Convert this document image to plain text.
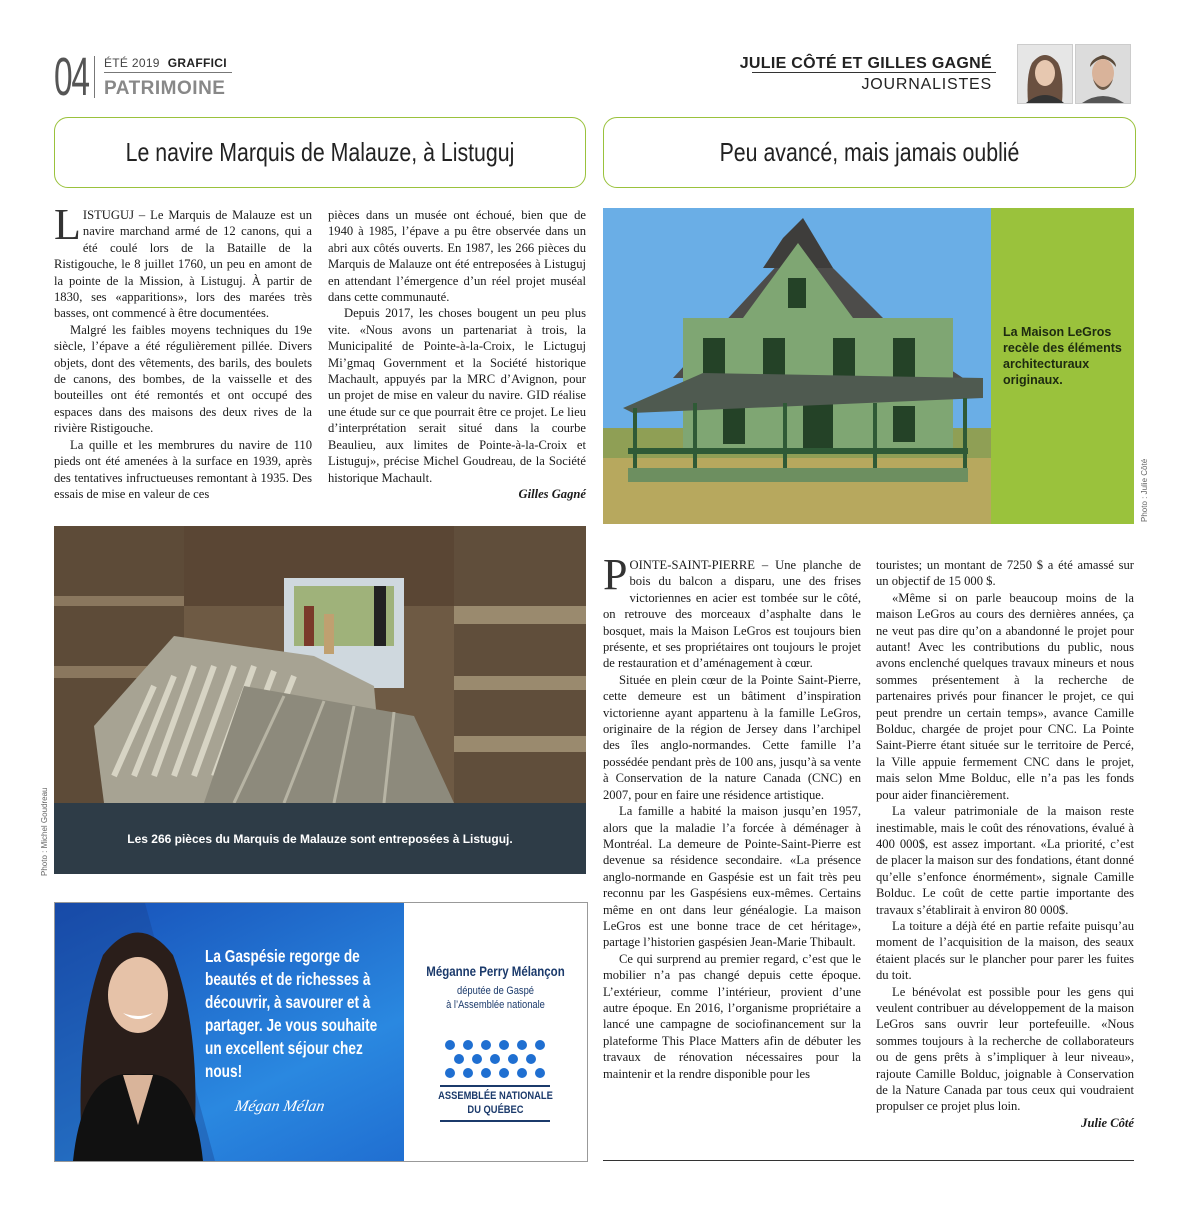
04 ÉTÉ 2019 GRAFFICI
PATRIMOINE
JULIE CÔTÉ ET GILLES GAGNÉ
JOURNALISTES
Le navire Marquis de Malauze, à Listuguj	Peu avancé, mais jamais oublié

LISTUGUJ – Le Marquis de Malauze est un navire marchand armé de 12 canons, qui a été coulé lors de la Bataille de la Ristigouche, le 8 juillet 1760, un peu en amont de la pointe de la Mission, à Listuguj. À partir de 1830, ses «apparitions», lors des marées très basses, ont commencé à être documentées.

Malgré les faibles moyens techniques du 19e siècle, l’épave a été régulièrement pillée. Divers objets, dont des vêtements, des barils, des boulets de canons, des bombes, de la vaisselle et des bouteilles ont été remontés et ont occupé des espaces dans des maisons des deux rives de la rivière Ristigouche.

La quille et les membrures du navire de 110 pieds ont été amenées à la surface en 1939, après des tentatives infructueuses remontant à 1935. Des essais de mise en valeur de ces

pièces dans un musée ont échoué, bien que de 1940 à 1985, l’épave a pu être observée dans un abri aux côtés ouverts. En 1987, les 266 pièces du Marquis de Malauze ont été entreposées à Listuguj en attendant l’émergence d’un réel projet muséal dans cette communauté.

Depuis 2017, les choses bougent un peu plus vite. «Nous avons un partenariat à trois, la Municipalité de Pointe-à-la-Croix, le Lictuguj Mi’gmaq Government et la Société historique Machault, appuyés par la MRC d’Avignon, pour un projet de mise en valeur du navire. GID réalise une étude sur ce que pourrait être ce projet. Le lieu d’interprétation serait situé dans la courbe Beaulieu, aux limites de Pointe-à-la-Croix et Listuguj», précise Michel Goudreau, de la Société historique Machault.

Gilles Gagné

Les 266 pièces du Marquis de Malauze sont entreposées à Listuguj.
Photo : Michel Goudreau
La Maison LeGros recèle des éléments architecturaux originaux.
Photo : Julie Côté

POINTE-SAINT-PIERRE – Une planche de bois du balcon a disparu, une des frises victoriennes en acier est tombée sur le côté, on retrouve des morceaux d’asphalte dans le bosquet, mais la Maison LeGros est toujours bien présente, et ses propriétaires ont toujours le projet de restauration et d’aménagement à cœur.

Située en plein cœur de la Pointe Saint-Pierre, cette demeure est un bâtiment d’inspiration victorienne ayant appartenu à la famille LeGros, originaire de la région de Jersey dans l’archipel des îles anglo-normandes. Cette famille l’a possédée pendant près de 100 ans, jusqu’à sa vente à Conservation de la nature Canada (CNC) en 2007, pour en faire une résidence artistique.

La famille a habité la maison jusqu’en 1957, alors que la maladie l’a forcée à déménager à Montréal. La demeure de Pointe-Saint-Pierre est devenue sa résidence secondaire. «La présence anglo-normande en Gaspésie est un fait très peu reconnu par les Gaspésiens eux-mêmes. Certains même en ont dans leur généalogie. La maison LeGros est une bonne trace de cet héritage», partage l’historien gaspésien Jean-Marie Thibault.

Ce qui surprend au premier regard, c’est que le mobilier n’a pas changé depuis cette époque. L’extérieur, comme l’intérieur, provient d’une autre époque. En 2016, l’organisme propriétaire a lancé une campagne de sociofinancement sur la plateforme This Place Matters afin de débuter les travaux de rénovation nécessaires pour la maintenir et la rendre disponible pour les

touristes; un montant de 7250 $ a été amassé sur un objectif de 15 000 $.

«Même si on parle beaucoup moins de la maison LeGros au cours des dernières années, ça ne veut pas dire qu’on a abandonné le projet pour autant! Avec les contributions du public, nous avons enclenché quelques travaux mineurs et nous sommes présentement à la recherche de partenaires privés pour financer le projet, ce qui peut prendre un certain temps», avance Camille Bolduc, chargée de projet pour CNC. La Pointe Saint-Pierre étant située sur le territoire de Percé, la Ville appuie fermement CNC dans le projet, mais selon Mme Bolduc, elle n’a pas les fonds pour aider financièrement.

La valeur patrimoniale de la maison reste inestimable, mais le coût des rénovations, évalué à 400 000$, est assez important. «La priorité, c’est de placer la maison sur des fondations, étant donné qu’elle s’enfonce énormément», signale Camille Bolduc. Le coût de cette partie importante des travaux s’établirait à environ 80 000$.

La toiture a déjà été en partie refaite puisqu’au moment de l’acquisition de la maison, des seaux étaient placés sur le plancher pour parer les fuites du toit.

Le bénévolat est possible pour les gens qui veulent contribuer au développement de la maison LeGros sans ouvrir leur portefeuille. «Nous sommes toujours à la recherche de collaborateurs ou de gens prêts à s’impliquer à leur niveau», rajoute Camille Bolduc, joignable à Conservation de la Nature Canada par tous ceux qui voudraient propulser ce projet plus loin.

Julie Côté

La Gaspésie regorge de beautés et de richesses à découvrir, à savourer et à partager. Je vous souhaite un excellent séjour chez nous!
Mégan Mélan
Méganne Perry Mélançon
députée de Gaspé
à l’Assemblée nationale
ASSEMBLÉE NATIONALE
DU QUÉBEC
